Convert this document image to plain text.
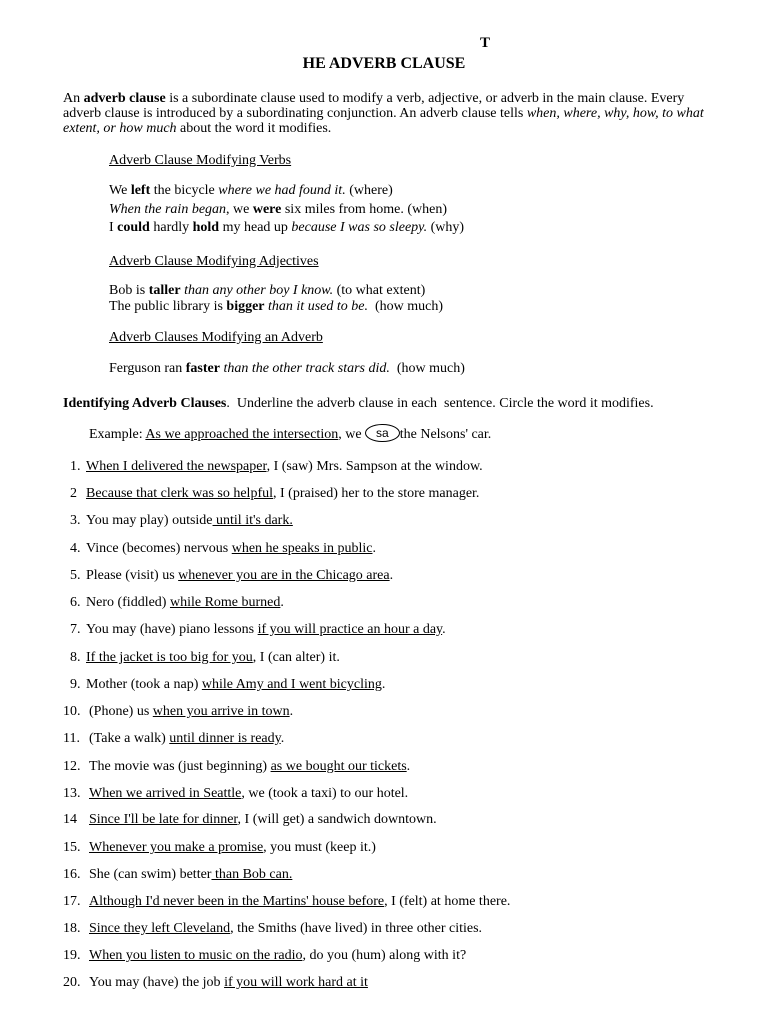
T
HE ADVERB CLAUSE
An adverb clause is a subordinate clause used to modify a verb, adjective, or adverb in the main clause. Every adverb clause is introduced by a subordinating conjunction. An adverb clause tells when, where, why, how, to what extent, or how much about the word it modifies.
Adverb Clause Modifying Verbs
We left the bicycle where we had found it. (where)
When the rain began, we were six miles from home. (when)
I could hardly hold my head up because I was so sleepy. (why)
Adverb Clause Modifying Adjectives
Bob is taller than any other boy I know. (to what extent)
The public library is bigger than it used to be.  (how much)
Adverb Clauses Modifying an Adverb
Ferguson ran faster than the other track stars did.  (how much)
Identifying Adverb Clauses.  Underline the adverb clause in each  sentence. Circle the word it modifies.
Example: As we approached the intersection, we sa the Nelsons' car.
1. When I delivered the newspaper, I (saw) Mrs. Sampson at the window.
2 Because that clerk was so helpful, I (praised) her to the store manager.
3. You may play) outside until it's dark.
4. Vince (becomes) nervous when he speaks in public.
5. Please (visit) us whenever you are in the Chicago area.
6. Nero (fiddled) while Rome burned.
7. You may (have) piano lessons if you will practice an hour a day.
8. If the jacket is too big for you, I (can alter) it.
9. Mother (took a nap) while Amy and I went bicycling.
10. (Phone) us when you arrive in town.
11. (Take a walk) until dinner is ready.
12. The movie was (just beginning) as we bought our tickets.
13. When we arrived in Seattle, we (took a taxi) to our hotel.
14 Since I'll be late for dinner, I (will get) a sandwich downtown.
15. Whenever you make a promise, you must (keep it.)
16. She (can swim) better than Bob can.
17. Although I'd never been in the Martins' house before, I (felt) at home there.
18. Since they left Cleveland, the Smiths (have lived) in three other cities.
19. When you listen to music on the radio, do you (hum) along with it?
20. You may (have) the job if you will work hard at it
